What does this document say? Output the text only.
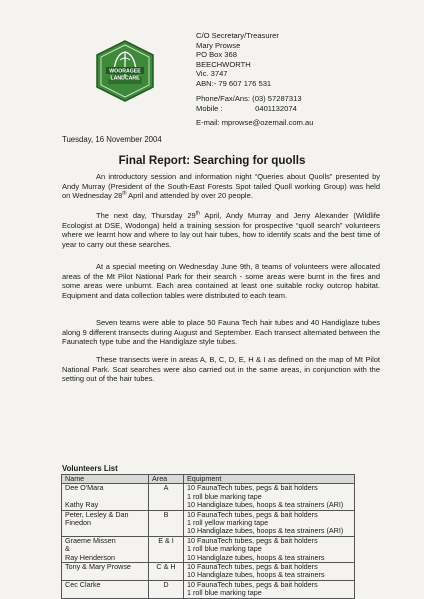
WOORAGEE
LANDCARE
C/O Secretary/Treasurer
Mary Prowse
PO Box 368
BEECHWORTH
Vic. 3747
ABN:- 79 607 176 531
Phone/Fax/Ans: (03) 57287313
Mobile :	0401132074
E-mail: mprowse@ozemail.com.au
Tuesday, 16 November 2004
Final Report: Searching for quolls

An introductory session and information night “Queries about Quolls” presented by Andy Murray (President of the South-East Forests Spot tailed Quoll working Group) was held on Wednesday 28th April and attended by over 20 people.

The next day, Thursday 29th April, Andy Murray and Jerry Alexander (Wildlife Ecologist at DSE, Wodonga) held a training session for prospective “quoll search” volunteers where we learnt how and where to lay out hair tubes, how to identify scats and the best time of year to carry out these searches.

At a special meeting on Wednesday June 9th, 8 teams of volunteers were allocated areas of the Mt Pilot National Park for their search - some areas were burnt in the fires and some areas were unburnt. Each area contained at least one suitable rocky outcrop habitat. Equipment and data collection tables were distributed to each team.

Seven teams were able to place 50 Fauna Tech hair tubes and 40 Handiglaze tubes along 9 different transects during August and September. Each transect alternated between the Faunatech type tube and the Handiglaze style tubes.

These transects were in areas A, B, C, D, E, H & I as defined on the map of Mt Pilot National Park. Scat searches were also carried out in the same areas, in conjunction with the setting out of the hair tubes.

Volunteers List
Name	Area	Equipment

Dee O'Mara

Kathy Ray	A	10 FaunaTech tubes, pegs & bait holders
1 roll blue marking tape
10 Handiglaze tubes, hoops & tea strainers (ARI)

Peter, Lesley & Dan
Finedon	B	10 FaunaTech tubes, pegs & bait holders
1 roll yellow marking tape
10 Handiglaze tubes, hoops & tea strainers (ARI)

Graeme Missen
&
Ray Henderson	E & I	10 FaunaTech tubes, pegs & bait holders
1 roll blue marking tape
10 Handiglaze tubes, hoops & tea strainers

Tony & Mary Prowse	C & H	10 FaunaTech tubes, pegs & bait holders
10 Handiglaze tubes, hoops & tea strainers

Cec Clarke	D	10 FaunaTech tubes, pegs & bait holders
1 roll blue marking tape
